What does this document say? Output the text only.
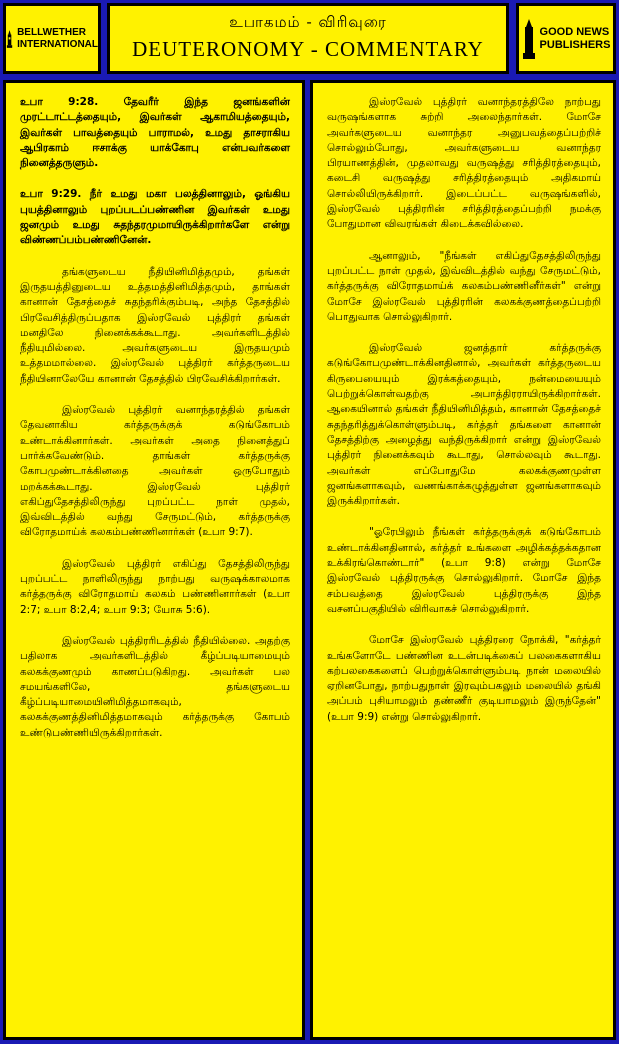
BELLWETHER
INTERNATIONAL
உபாகமம் - விரிவுரை
DEUTERONOMY - COMMENTARY
GOOD NEWS
PUBLISHERS

உபா 9:28. தேவரீர் இந்த ஜனங்களின் முரட்டாட்டத்தையும், இவர்கள் ஆகாமியத்தையும், இவர்கள் பாவத்தையும் பாராமல், உமது தாசராகிய ஆபிரகாம் ஈசாக்கு யாக்கோபு என்பவர்களை நினைத்தருளும்.

உபா 9:29. நீர் உமது மகா பலத்தினாலும், ஓங்கிய புயத்தினாலும் புறப்படப்பண்ணின இவர்கள் உமது ஜனமும் உமது சுதந்தரமுமாயிருக்கிறார்களே என்று விண்ணப்பம்பண்ணினேன்.

தங்களுடைய நீதியினிமித்தமும், தங்கள் இருதயத்தினுடைய உத்தமத்தினிமித்தமும், தாங்கள் கானான் தேசத்தைச் சுதந்தரிக்கும்படி, அந்த தேசத்தில் பிரவேசித்திருப்பதாக இஸ்ரவேல் புத்திரர் தங்கள் மனதிலே நினைக்கக்கூடாது. அவர்களிடத்தில் நீதியுமில்லை. அவர்களுடைய இருதயமும் உத்தமமால்லை. இஸ்ரவேல் புத்திரர் கர்த்தருடைய நீதியினாலேயே கானான் தேசத்தில் பிரவேசிக்கிறார்கள்.

இஸ்ரவேல் புத்திரர் வனாந்தரத்தில் தங்கள் தேவனாகிய கர்த்தருக்குக் கடுங்கோபம் உண்டாக்கினார்கள். அவர்கள் அதை நினைத்துப் பார்க்கவேண்டும். தாங்கள் கர்த்தருக்கு கோபமுண்டாக்கினதை அவர்கள் ஒருபோதும் மறக்கக்கூடாது. இஸ்ரவேல் புத்திரர் எகிப்துதேசத்திலிருந்து புறப்பட்ட நாள் முதல், இவ்விடத்தில் வந்து சேருமட்டும், கர்த்தருக்கு விரோதமாய்க் கலகம்பண்ணினார்கள் (உபா 9:7).

இஸ்ரவேல் புத்திரர் எகிப்து தேசத்திலிருந்து புறப்பட்ட நாளிலிருந்து நாற்பது வருஷக்காலமாக கர்த்தருக்கு விரோதமாய் கலகம் பண்ணினார்கள் (உபா 2:7; உபா 8:2,4; உபா 9:3; யோசு 5:6).

இஸ்ரவேல் புத்திரரிடத்தில் நீதியில்லை. அதற்கு பதிலாக அவர்களிடத்தில் கீழ்ப்படியாமையும் கலகக்குணமும் காணப்படுகிறது. அவர்கள் பல சமயங்களிலே, தங்களுடைய கீழ்ப்படியாமையினிமித்தமாகவும், கலகக்குணத்தினிமித்தமாகவும் கர்த்தருக்கு கோபம் உண்டுபண்ணியிருக்கிறார்கள்.

இஸ்ரவேல் புத்திரர் வனாந்தரத்திலே நாற்பது வருஷங்களாக சுற்றி அலைந்தார்கள். மோசே அவர்களுடைய வனாந்தர அனுபவத்தைப்பற்றிச் சொல்லும்போது, அவர்களுடைய வனாந்தர பிரயாணத்தின், முதலாவது வருஷத்து சரித்திரத்தையும், கடைசி வருஷத்து சரித்திரத்தையும் அதிகமாய் சொல்லியிருக்கிறார். இடைப்பட்ட வருஷங்களில், இஸ்ரவேல் புத்திரரின் சரித்திரத்தைப்பற்றி நமக்கு போதுமான விவரங்கள் கிடைக்கவில்லை.

ஆனாலும், "நீங்கள் எகிப்துதேசத்திலிருந்து புறப்பட்ட நாள் முதல், இவ்விடத்தில் வந்து சேருமட்டும், கர்த்தருக்கு விரோதமாய்க் கலகம்பண்ணினீர்கள்" என்று மோசே இஸ்ரவேல் புத்திரரின் கலகக்குணத்தைப்பற்றி பொதுவாக சொல்லுகிறார்.

இஸ்ரவேல் ஜனத்தார் கர்த்தருக்கு கடுங்கோபமுண்டாக்கினதினால், அவர்கள் கர்த்தருடைய கிருபையையும் இரக்கத்தையும், நன்மையையும் பெற்றுக்கொள்வதற்கு அபாத்திரராயிருக்கிறார்கள். ஆகையினால் தங்கள் நீதியினிமித்தம், கானான் தேசத்தைச் சுதந்தரித்துக்கொள்ளும்படி, கர்த்தர் தங்களை கானான் தேசத்திற்கு அழைத்து வந்திருக்கிறார் என்று இஸ்ரவேல் புத்திரர் நினைக்கவும் கூடாது, சொல்லவும் கூடாது. அவர்கள் எப்போதுமே கலகக்குணமுள்ள ஜனங்களாகவும், வணங்காக்கழுத்துள்ள ஜனங்களாகவும் இருக்கிறார்கள்.

"ஓரேபிலும் நீங்கள் கர்த்தருக்குக் கடுங்கோபம் உண்டாக்கினதினால், கர்த்தர் உங்களை அழிக்கத்தக்கதான உக்கிரங்கொண்டார்" (உபா 9:8) என்று மோசே இஸ்ரவேல் புத்திரருக்கு சொல்லுகிறார். மோசே இந்த சம்பவத்தை இஸ்ரவேல் புத்திரருக்கு இந்த வசனப்பகுதியில் விரிவாகச் சொல்லுகிறார்.

மோசே இஸ்ரவேல் புத்திரரை நோக்கி, "கர்த்தர் உங்களோடே பண்ணின உடன்படிக்கைப் பலகைகளாகிய கற்பலகைகளைப் பெற்றுக்கொள்ளும்படி நான் மலையில் ஏறினபோது, நாற்பதுநாள் இரவும்பகலும் மலையில் தங்கி அப்பம் புசியாமலும் தண்ணீர் குடியாமலும் இருந்தேன்" (உபா 9:9) என்று சொல்லுகிறார்.
